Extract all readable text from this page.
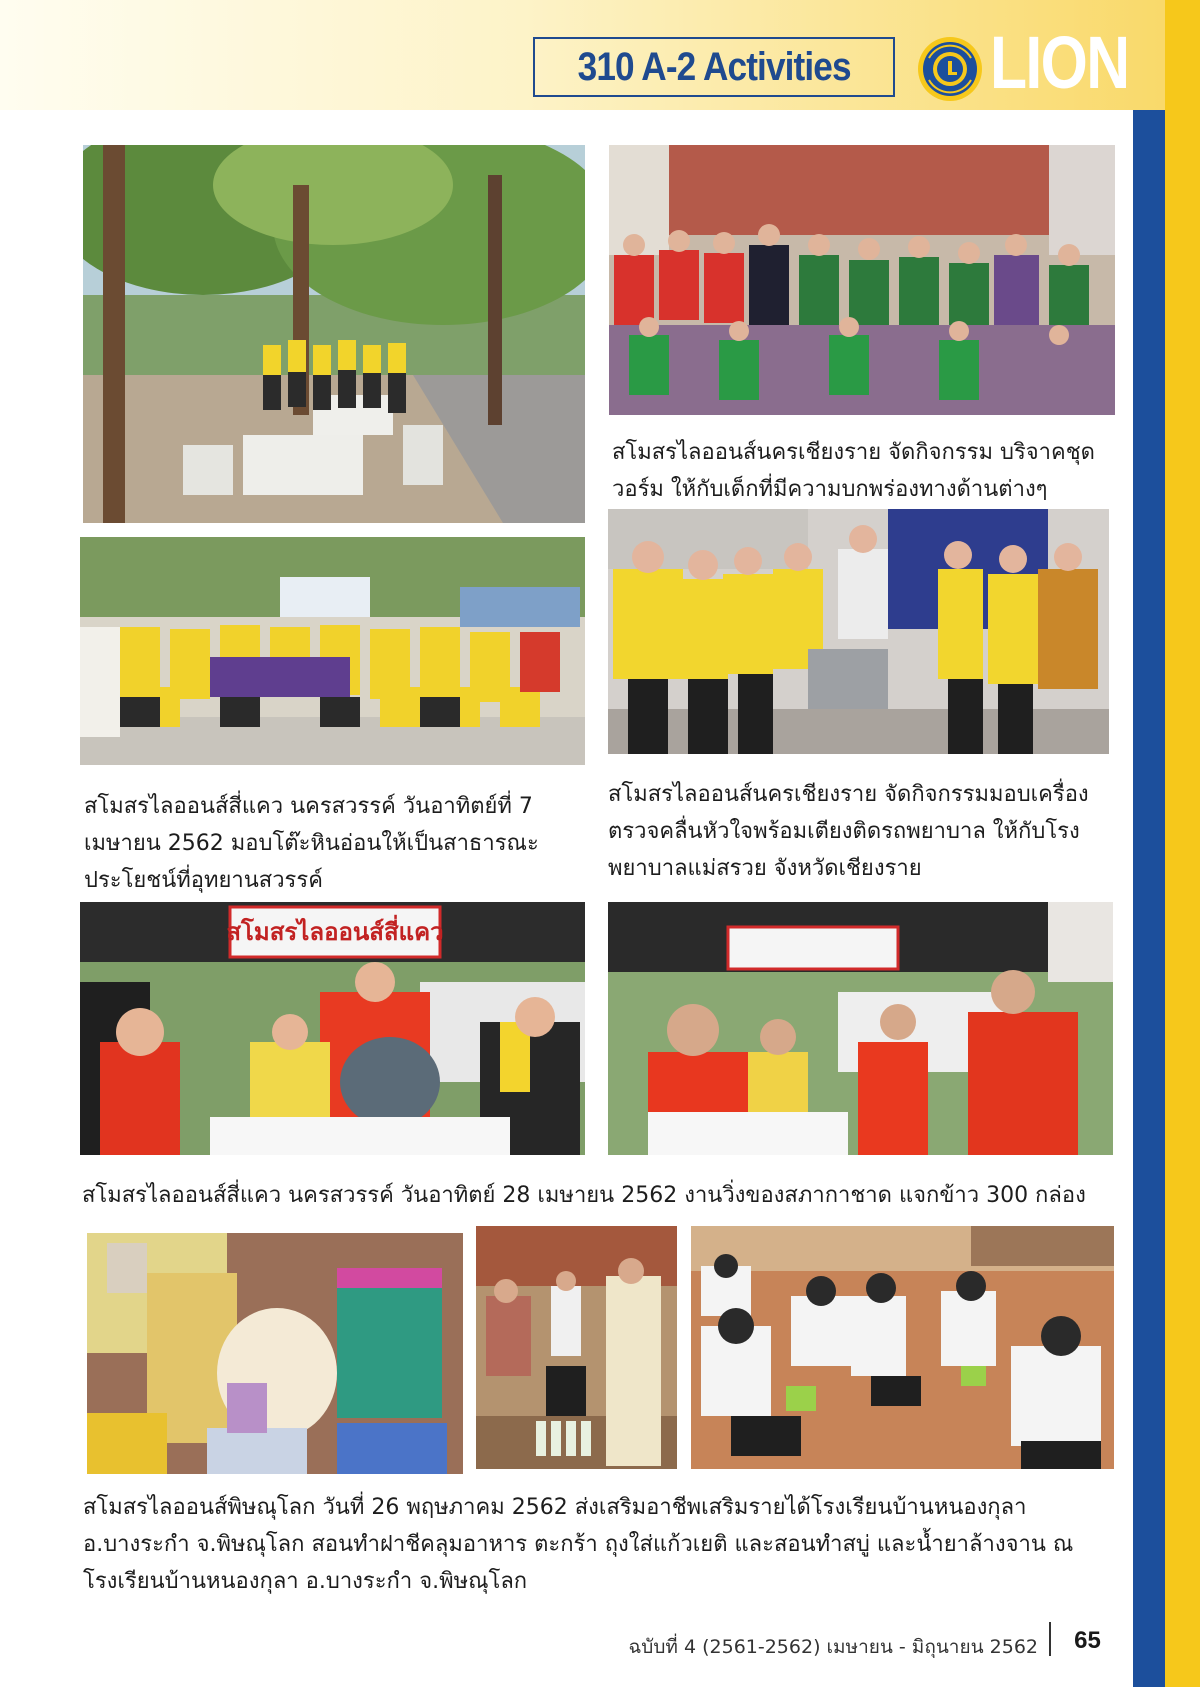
310 A-2 Activities LION
สโมสรไลออนส์นครเชียงราย จัดกิจกรรม บริจาคชุดวอร์ม ให้กับเด็กที่มีความบกพร่องทางด้านต่างๆ
สโมสรไลออนส์สี่แคว นครสวรรค์ วันอาทิตย์ที่ 7 เมษายน 2562 มอบโต๊ะหินอ่อนให้เป็นสาธารณะประโยชน์ที่อุทยานสวรรค์
สโมสรไลออนส์นครเชียงราย จัดกิจกรรมมอบเครื่องตรวจคลื่นหัวใจพร้อมเตียงติดรถพยาบาล ให้กับโรงพยาบาลแม่สรวย จังหวัดเชียงราย
สโมสรไลออนส์สี่แคว
สโมสรไลออนส์สี่แคว นครสวรรค์ วันอาทิตย์ 28 เมษายน 2562 งานวิ่งของสภากาชาด แจกข้าว 300 กล่อง
สโมสรไลออนส์พิษณุโลก วันที่ 26 พฤษภาคม 2562 ส่งเสริมอาชีพเสริมรายได้โรงเรียนบ้านหนองกุลา อ.บางระกำ จ.พิษณุโลก สอนทำฝาชีคลุมอาหาร ตะกร้า ถุงใส่แก้วเยติ และสอนทำสบู่ และน้ำยาล้างจาน ณ โรงเรียนบ้านหนองกุลา อ.บางระกำ จ.พิษณุโลก
ฉบับที่ 4 (2561-2562) เมษายน - มิถุนายน 2562	65
